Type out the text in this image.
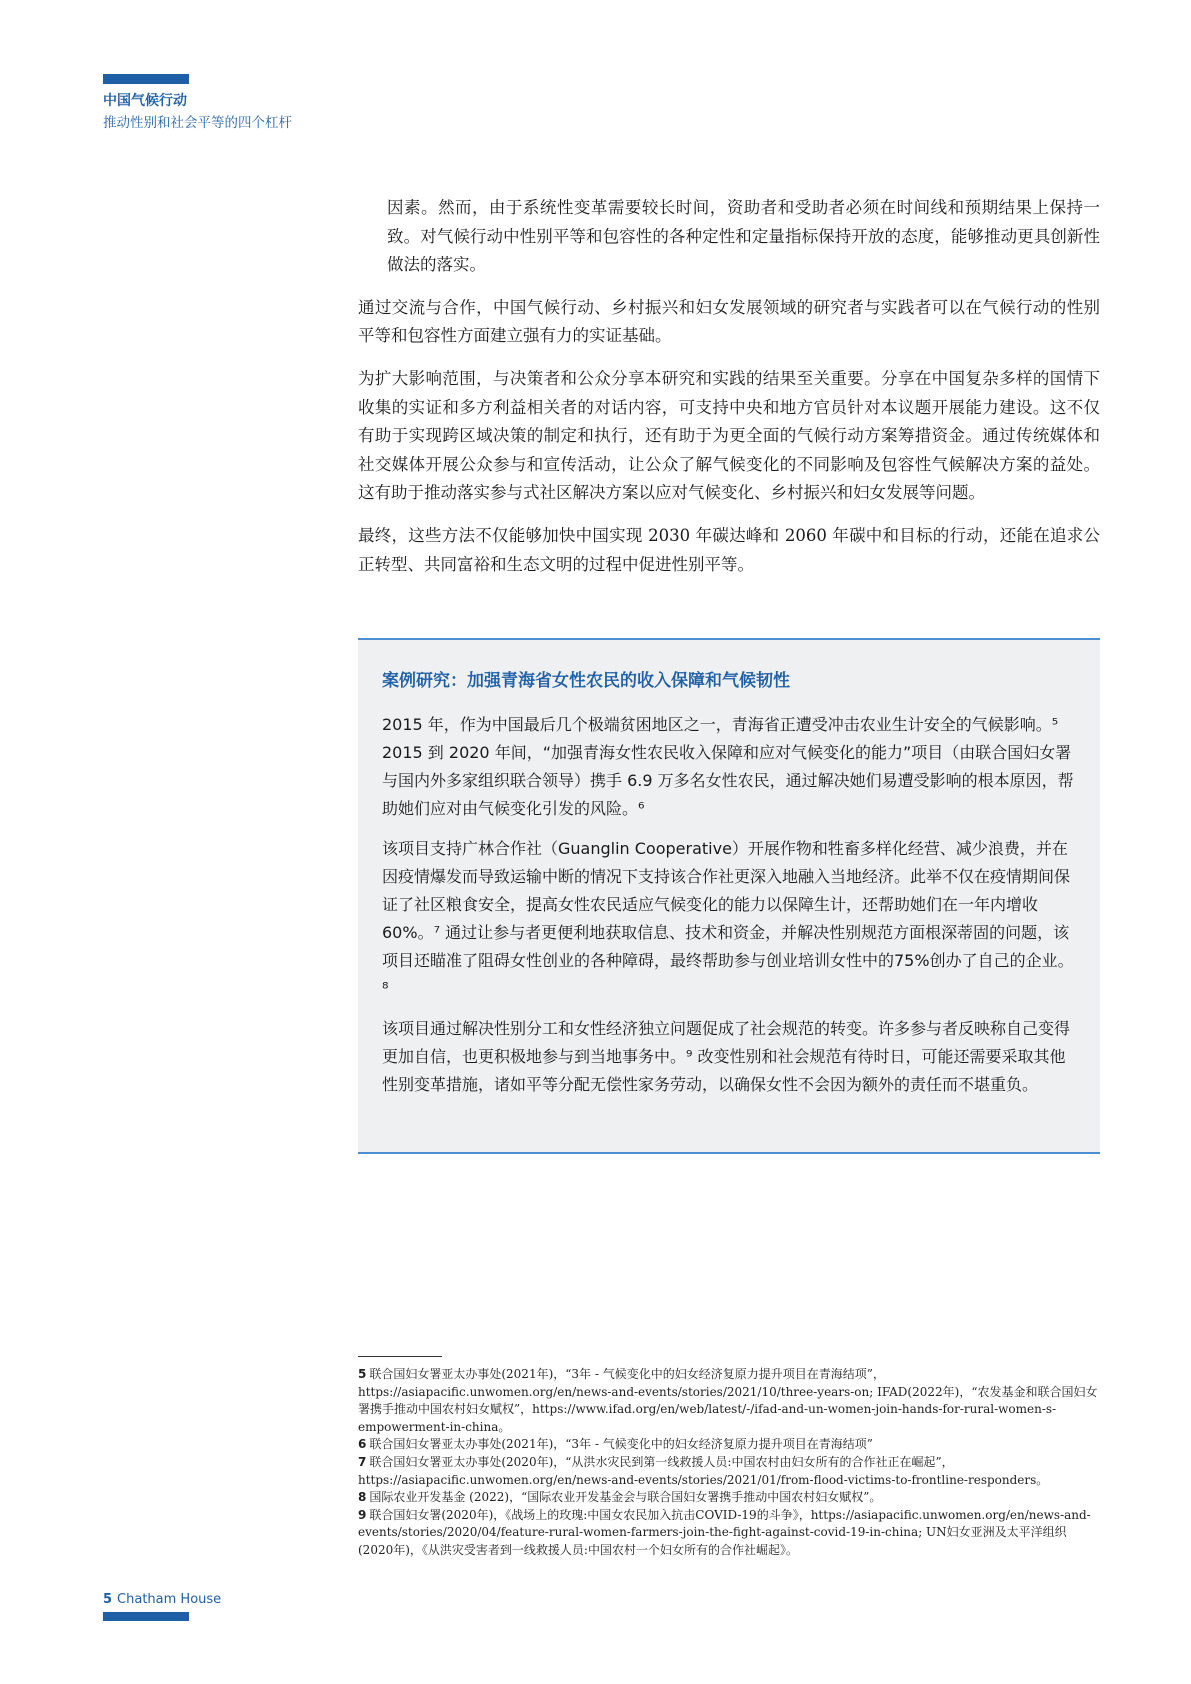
中国气候行动
推动性别和社会平等的四个杠杆

因素。然而，由于系统性变革需要较长时间，资助者和受助者必须在时间线和预期结果上保持一致。对气候行动中性别平等和包容性的各种定性和定量指标保持开放的态度，能够推动更具创新性做法的落实。

通过交流与合作，中国气候行动、乡村振兴和妇女发展领域的研究者与实践者可以在气候行动的性别平等和包容性方面建立强有力的实证基础。

为扩大影响范围，与决策者和公众分享本研究和实践的结果至关重要。分享在中国复杂多样的国情下收集的实证和多方利益相关者的对话内容，可支持中央和地方官员针对本议题开展能力建设。这不仅有助于实现跨区域决策的制定和执行，还有助于为更全面的气候行动方案筹措资金。通过传统媒体和社交媒体开展公众参与和宣传活动，让公众了解气候变化的不同影响及包容性气候解决方案的益处。这有助于推动落实参与式社区解决方案以应对气候变化、乡村振兴和妇女发展等问题。

最终，这些方法不仅能够加快中国实现 2030 年碳达峰和 2060 年碳中和目标的行动，还能在追求公正转型、共同富裕和生态文明的过程中促进性别平等。

案例研究：加强青海省女性农民的收入保障和气候韧性

2015 年，作为中国最后几个极端贫困地区之一，青海省正遭受冲击农业生计安全的气候影响。⁵ 2015 到 2020 年间，“加强青海女性农民收入保障和应对气候变化的能力”项目（由联合国妇女署与国内外多家组织联合领导）携手 6.9 万多名女性农民，通过解决她们易遭受影响的根本原因，帮助她们应对由气候变化引发的风险。⁶

该项目支持广林合作社（Guanglin Cooperative）开展作物和牲畜多样化经营、减少浪费，并在因疫情爆发而导致运输中断的情况下支持该合作社更深入地融入当地经济。此举不仅在疫情期间保证了社区粮食安全，提高女性农民适应气候变化的能力以保障生计，还帮助她们在一年内增收60%。⁷ 通过让参与者更便利地获取信息、技术和资金，并解决性别规范方面根深蒂固的问题，该项目还瞄准了阻碍女性创业的各种障碍，最终帮助参与创业培训女性中的75%创办了自己的企业。⁸

该项目通过解决性别分工和女性经济独立问题促成了社会规范的转变。许多参与者反映称自己变得更加自信，也更积极地参与到当地事务中。⁹ 改变性别和社会规范有待时日，可能还需要采取其他性别变革措施，诸如平等分配无偿性家务劳动，以确保女性不会因为额外的责任而不堪重负。

5 联合国妇女署亚太办事处(2021年)，“3年 - 气候变化中的妇女经济复原力提升项目在青海结项”，https://asiapacific.unwomen.org/en/news-and-events/stories/2021/10/three-years-on; IFAD(2022年)，“农发基金和联合国妇女署携手推动中国农村妇女赋权”，https://www.ifad.org/en/web/latest/-/ifad-and-un-women-join-hands-for-rural-women-s-empowerment-in-china。

6 联合国妇女署亚太办事处(2021年)，“3年 - 气候变化中的妇女经济复原力提升项目在青海结项”

7 联合国妇女署亚太办事处(2020年)，“从洪水灾民到第一线救援人员:中国农村由妇女所有的合作社正在崛起”，https://asiapacific.unwomen.org/en/news-and-events/stories/2021/01/from-flood-victims-to-frontline-responders。

8 国际农业开发基金 (2022)，“国际农业开发基金会与联合国妇女署携手推动中国农村妇女赋权”。

9 联合国妇女署(2020年)，《战场上的玫瑰:中国女农民加入抗击COVID-19的斗争》，https://asiapacific.unwomen.org/en/news-and-events/stories/2020/04/feature-rural-women-farmers-join-the-fight-against-covid-19-in-china; UN妇女亚洲及太平洋组织(2020年)，《从洪灾受害者到一线救援人员:中国农村一个妇女所有的合作社崛起》。

5 Chatham House
